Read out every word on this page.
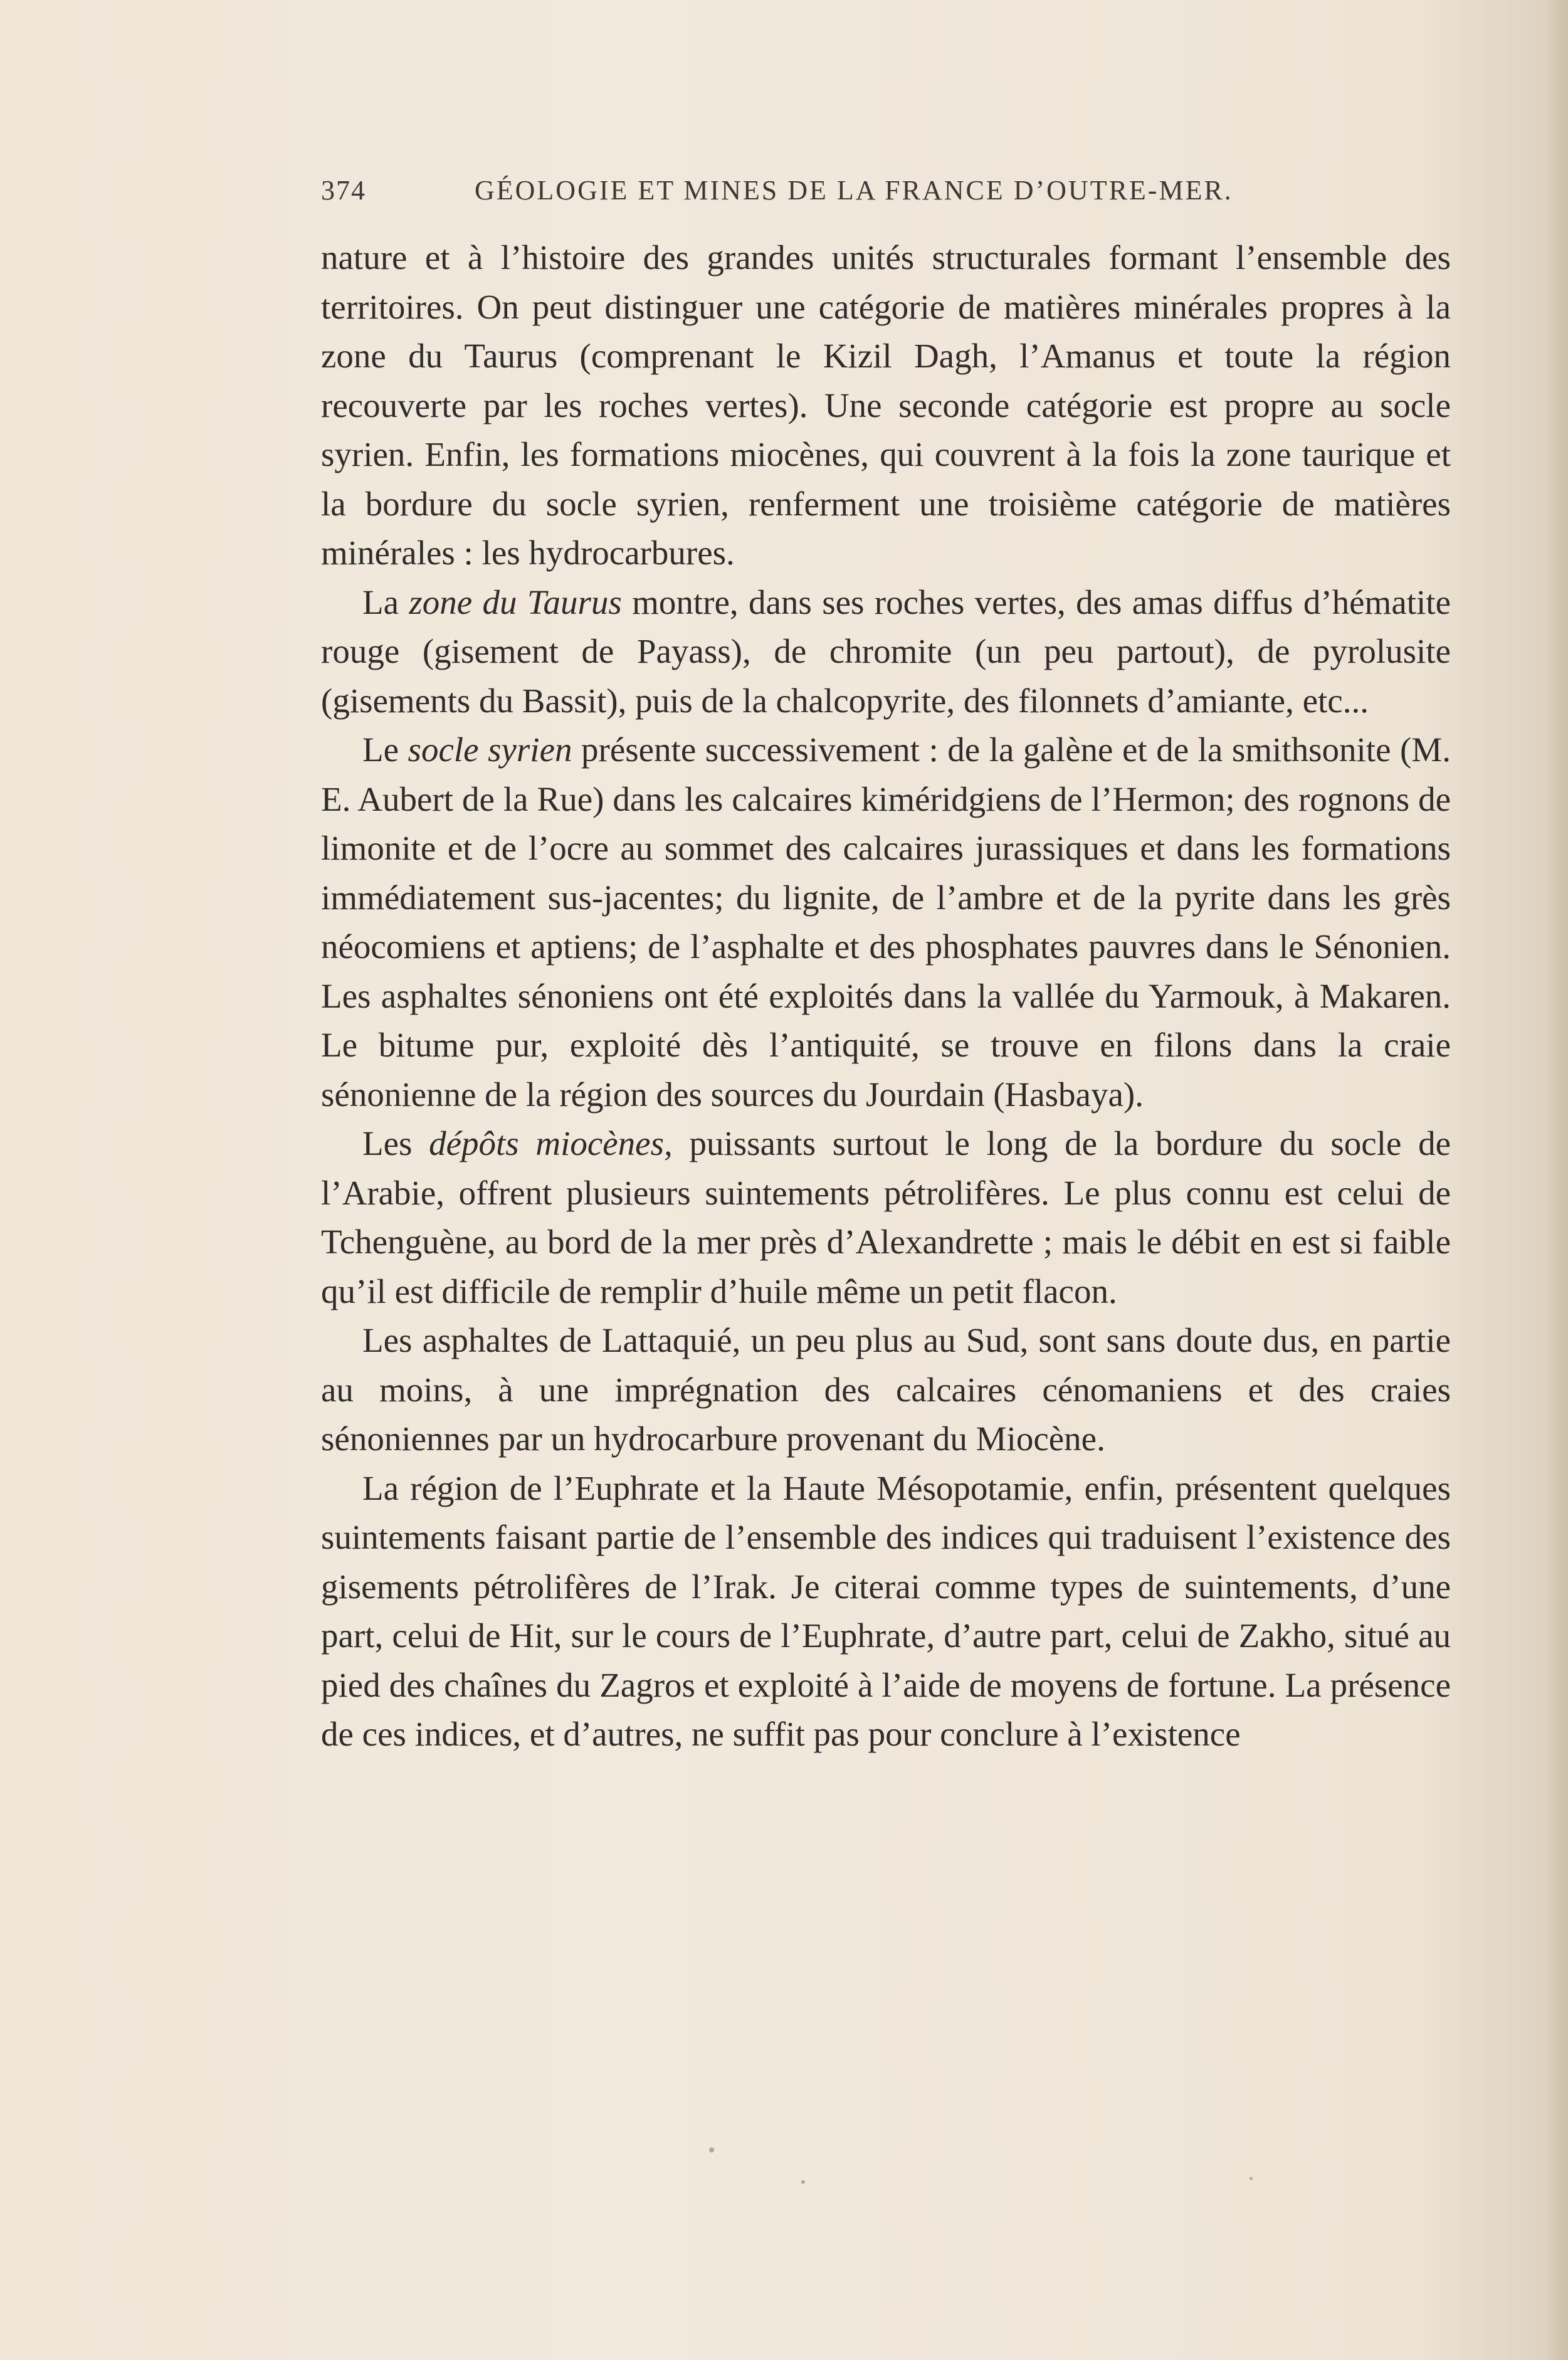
374	GÉOLOGIE ET MINES DE LA FRANCE D’OUTRE-MER.

nature et à l’histoire des grandes unités structurales formant l’ensemble des territoires. On peut distinguer une catégorie de matières minérales propres à la zone du Taurus (comprenant le Kizil Dagh, l’Amanus et toute la région recouverte par les roches vertes). Une seconde catégorie est propre au socle syrien. Enfin, les formations miocènes, qui couvrent à la fois la zone taurique et la bordure du socle syrien, renferment une troisième catégorie de matières minérales : les hydrocarbures.

La zone du Taurus montre, dans ses roches vertes, des amas diffus d’hématite rouge (gisement de Payass), de chromite (un peu partout), de pyrolusite (gisements du Bassit), puis de la chalcopyrite, des filonnets d’amiante, etc...

Le socle syrien présente successivement : de la galène et de la smithsonite (M. E. Aubert de la Rue) dans les calcaires kiméridgiens de l’Hermon; des rognons de limonite et de l’ocre au sommet des calcaires jurassiques et dans les formations immédiatement sus-jacentes; du lignite, de l’ambre et de la pyrite dans les grès néocomiens et aptiens; de l’asphalte et des phosphates pauvres dans le Sénonien. Les asphaltes sénoniens ont été exploités dans la vallée du Yarmouk, à Makaren. Le bitume pur, exploité dès l’antiquité, se trouve en filons dans la craie sénonienne de la région des sources du Jourdain (Hasbaya).

Les dépôts miocènes, puissants surtout le long de la bordure du socle de l’Arabie, offrent plusieurs suintements pétrolifères. Le plus connu est celui de Tchenguène, au bord de la mer près d’Alexandrette ; mais le débit en est si faible qu’il est difficile de remplir d’huile même un petit flacon.

Les asphaltes de Lattaquié, un peu plus au Sud, sont sans doute dus, en partie au moins, à une imprégnation des calcaires cénomaniens et des craies sénoniennes par un hydrocarbure provenant du Miocène.

La région de l’Euphrate et la Haute Mésopotamie, enfin, présentent quelques suintements faisant partie de l’ensemble des indices qui traduisent l’existence des gisements pétrolifères de l’Irak. Je citerai comme types de suintements, d’une part, celui de Hit, sur le cours de l’Euphrate, d’autre part, celui de Zakho, situé au pied des chaînes du Zagros et exploité à l’aide de moyens de fortune. La présence de ces indices, et d’autres, ne suffit pas pour conclure à l’existence
